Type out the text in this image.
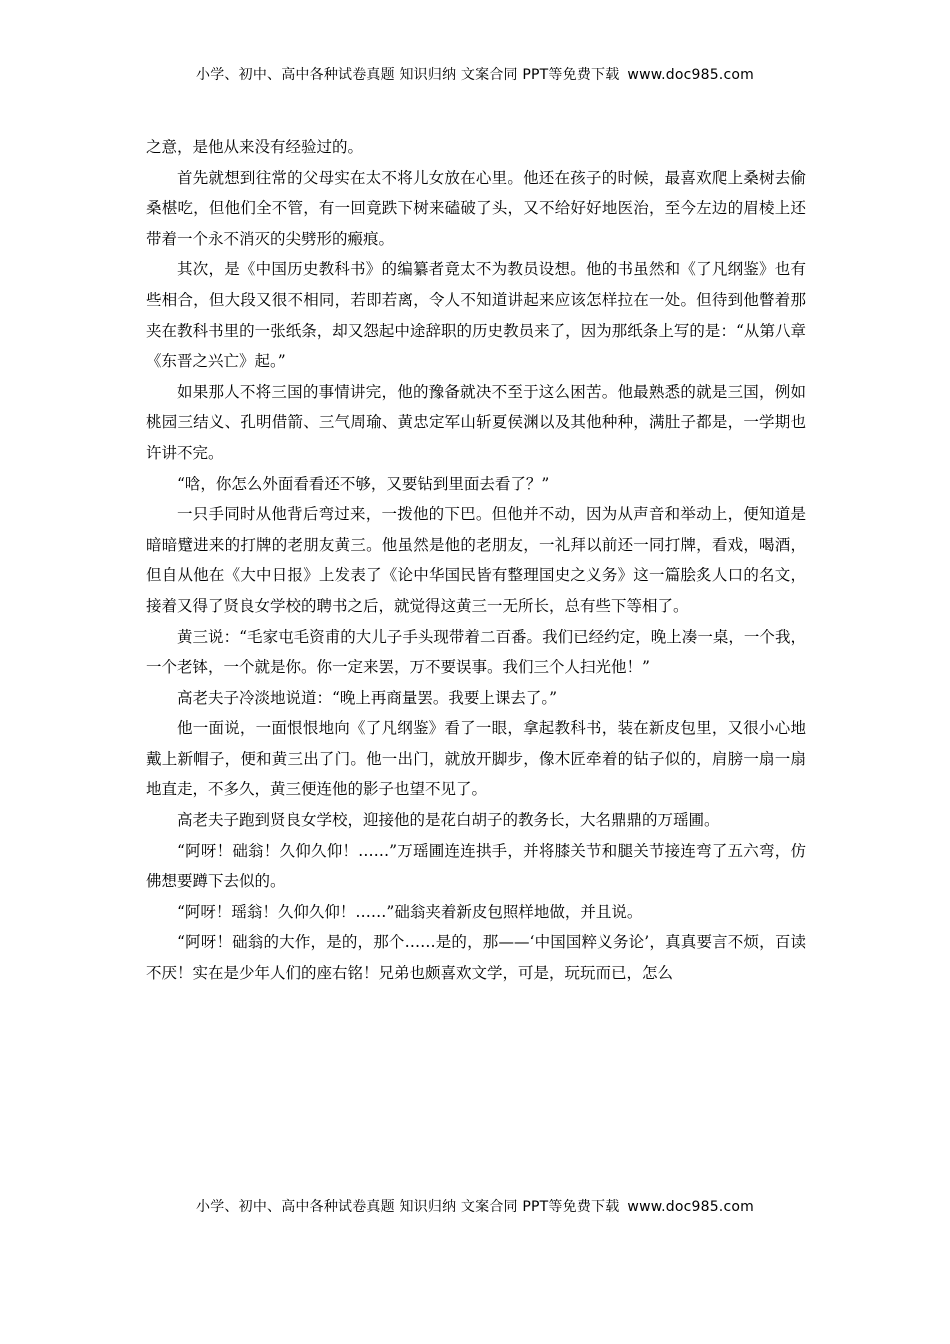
小学、初中、高中各种试卷真题 知识归纳 文案合同 PPT等免费下载 www.doc985.com

之意，是他从来没有经验过的。

首先就想到往常的父母实在太不将儿女放在心里。他还在孩子的时候，最喜欢爬上桑树去偷桑椹吃，但他们全不管，有一回竟跌下树来磕破了头，又不给好好地医治，至今左边的眉棱上还带着一个永不消灭的尖劈形的瘢痕。

其次，是《中国历史教科书》的编纂者竟太不为教员设想。他的书虽然和《了凡纲鉴》也有些相合，但大段又很不相同，若即若离，令人不知道讲起来应该怎样拉在一处。但待到他瞥着那夹在教科书里的一张纸条，却又怨起中途辞职的历史教员来了，因为那纸条上写的是：“从第八章《东晋之兴亡》起。”

如果那人不将三国的事情讲完，他的豫备就决不至于这么困苦。他最熟悉的就是三国，例如桃园三结义、孔明借箭、三气周瑜、黄忠定军山斩夏侯渊以及其他种种，满肚子都是，一学期也许讲不完。

“唅，你怎么外面看看还不够，又要钻到里面去看了？”

一只手同时从他背后弯过来，一拨他的下巴。但他并不动，因为从声音和举动上，便知道是暗暗躄进来的打牌的老朋友黄三。他虽然是他的老朋友，一礼拜以前还一同打牌，看戏，喝酒，但自从他在《大中日报》上发表了《论中华国民皆有整理国史之义务》这一篇脍炙人口的名文，接着又得了贤良女学校的聘书之后，就觉得这黄三一无所长，总有些下等相了。

黄三说：“毛家屯毛资甫的大儿子手头现带着二百番。我们已经约定，晚上凑一桌，一个我，一个老钵，一个就是你。你一定来罢，万不要误事。我们三个人扫光他！”

高老夫子冷淡地说道：“晚上再商量罢。我要上课去了。”

他一面说，一面恨恨地向《了凡纲鉴》看了一眼，拿起教科书，装在新皮包里，又很小心地戴上新帽子，便和黄三出了门。他一出门，就放开脚步，像木匠牵着的钻子似的，肩膀一扇一扇地直走，不多久，黄三便连他的影子也望不见了。

高老夫子跑到贤良女学校，迎接他的是花白胡子的教务长，大名鼎鼎的万瑶圃。

“阿呀！础翁！久仰久仰！……”万瑶圃连连拱手，并将膝关节和腿关节接连弯了五六弯，仿佛想要蹲下去似的。

“阿呀！瑶翁！久仰久仰！……”础翁夹着新皮包照样地做，并且说。

“阿呀！础翁的大作，是的，那个……是的，那——‘中国国粹义务论’，真真要言不烦，百读不厌！实在是少年人们的座右铭！兄弟也颇喜欢文学，可是，玩玩而已，怎么

小学、初中、高中各种试卷真题 知识归纳 文案合同 PPT等免费下载 www.doc985.com
